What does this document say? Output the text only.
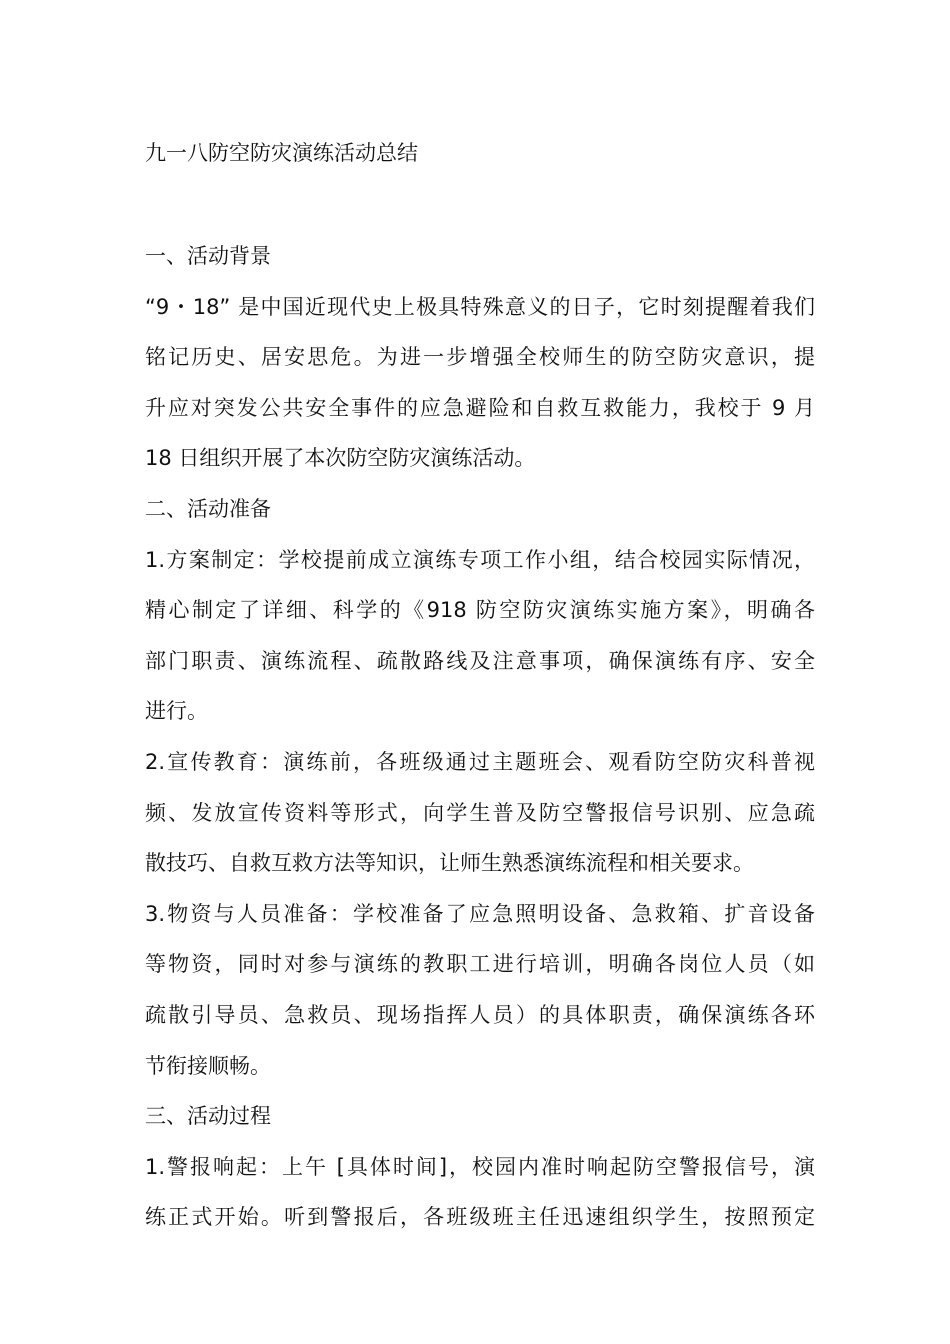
九一八防空防灾演练活动总结
一、活动背景
“9・18” 是中国近现代史上极具特殊意义的日子，它时刻提醒着我们
铭记历史、居安思危。为进一步增强全校师生的防空防灾意识，提
升应对突发公共安全事件的应急避险和自救互救能力，我校于 9 月
18 日组织开展了本次防空防灾演练活动。
二、活动准备
1.方案制定：学校提前成立演练专项工作小组，结合校园实际情况，
精心制定了详细、科学的《918 防空防灾演练实施方案》，明确各
部门职责、演练流程、疏散路线及注意事项，确保演练有序、安全
进行。
2.宣传教育：演练前，各班级通过主题班会、观看防空防灾科普视
频、发放宣传资料等形式，向学生普及防空警报信号识别、应急疏
散技巧、自救互救方法等知识，让师生熟悉演练流程和相关要求。
3.物资与人员准备：学校准备了应急照明设备、急救箱、扩音设备
等物资，同时对参与演练的教职工进行培训，明确各岗位人员（如
疏散引导员、急救员、现场指挥人员）的具体职责，确保演练各环
节衔接顺畅。
三、活动过程
1.警报响起：上午 [具体时间]，校园内准时响起防空警报信号，演
练正式开始。听到警报后，各班级班主任迅速组织学生，按照预定
